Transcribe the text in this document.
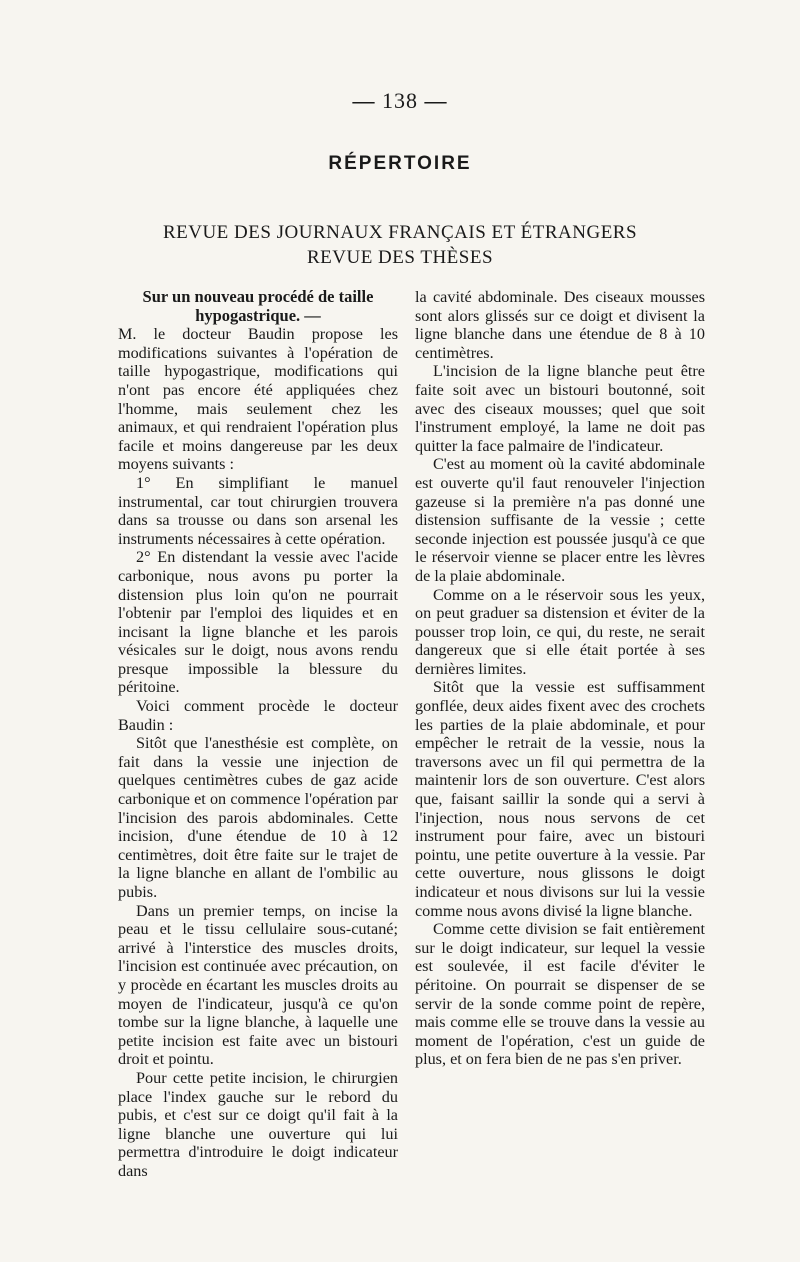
— 138 —
RÉPERTOIRE
REVUE DES JOURNAUX FRANÇAIS ET ÉTRANGERS
REVUE DES THÈSES
Sur un nouveau procédé de taille hypogastrique. —

M. le docteur Baudin propose les modifications suivantes à l'opération de taille hypogastrique, modifications qui n'ont pas encore été appliquées chez l'homme, mais seulement chez les animaux, et qui rendraient l'opération plus facile et moins dangereuse par les deux moyens suivants :

1° En simplifiant le manuel instrumental, car tout chirurgien trouvera dans sa trousse ou dans son arsenal les instruments nécessaires à cette opération.

2° En distendant la vessie avec l'acide carbonique, nous avons pu porter la distension plus loin qu'on ne pourrait l'obtenir par l'emploi des liquides et en incisant la ligne blanche et les parois vésicales sur le doigt, nous avons rendu presque impossible la blessure du péritoine.

Voici comment procède le docteur Baudin :

Sitôt que l'anesthésie est complète, on fait dans la vessie une injection de quelques centimètres cubes de gaz acide carbonique et on commence l'opération par l'incision des parois abdominales. Cette incision, d'une étendue de 10 à 12 centimètres, doit être faite sur le trajet de la ligne blanche en allant de l'ombilic au pubis.

Dans un premier temps, on incise la peau et le tissu cellulaire sous-cutané; arrivé à l'interstice des muscles droits, l'incision est continuée avec précaution, on y procède en écartant les muscles droits au moyen de l'indicateur, jusqu'à ce qu'on tombe sur la ligne blanche, à laquelle une petite incision est faite avec un bistouri droit et pointu.

Pour cette petite incision, le chirurgien place l'index gauche sur le rebord du pubis, et c'est sur ce doigt qu'il fait à la ligne blanche une ouverture qui lui permettra d'introduire le doigt indicateur dans

la cavité abdominale. Des ciseaux mousses sont alors glissés sur ce doigt et divisent la ligne blanche dans une étendue de 8 à 10 centimètres.

L'incision de la ligne blanche peut être faite soit avec un bistouri boutonné, soit avec des ciseaux mousses; quel que soit l'instrument employé, la lame ne doit pas quitter la face palmaire de l'indicateur.

C'est au moment où la cavité abdominale est ouverte qu'il faut renouveler l'injection gazeuse si la première n'a pas donné une distension suffisante de la vessie ; cette seconde injection est poussée jusqu'à ce que le réservoir vienne se placer entre les lèvres de la plaie abdominale.

Comme on a le réservoir sous les yeux, on peut graduer sa distension et éviter de la pousser trop loin, ce qui, du reste, ne serait dangereux que si elle était portée à ses dernières limites.

Sitôt que la vessie est suffisamment gonflée, deux aides fixent avec des crochets les parties de la plaie abdominale, et pour empêcher le retrait de la vessie, nous la traversons avec un fil qui permettra de la maintenir lors de son ouverture. C'est alors que, faisant saillir la sonde qui a servi à l'injection, nous nous servons de cet instrument pour faire, avec un bistouri pointu, une petite ouverture à la vessie. Par cette ouverture, nous glissons le doigt indicateur et nous divisons sur lui la vessie comme nous avons divisé la ligne blanche.

Comme cette division se fait entièrement sur le doigt indicateur, sur lequel la vessie est soulevée, il est facile d'éviter le péritoine. On pourrait se dispenser de se servir de la sonde comme point de repère, mais comme elle se trouve dans la vessie au moment de l'opération, c'est un guide de plus, et on fera bien de ne pas s'en priver.
